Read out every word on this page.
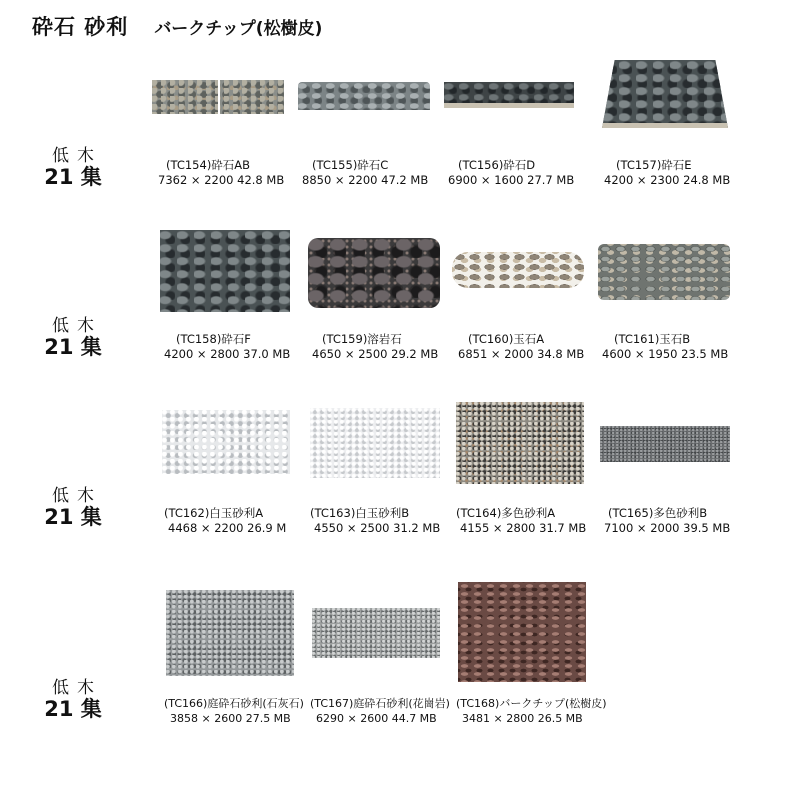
砕石 砂利 バークチップ(松樹皮)
低木
21 集
低木
21 集
低木
21 集
低木
21 集
(TC154)砕石AB
7362 × 2200 42.8 MB
(TC155)砕石C
8850 × 2200 47.2 MB
(TC156)砕石D
6900 × 1600 27.7 MB
(TC157)砕石E
4200 × 2300 24.8 MB
(TC158)砕石F
4200 × 2800 37.0 MB
(TC159)溶岩石
4650 × 2500 29.2 MB
(TC160)玉石A
6851 × 2000 34.8 MB
(TC161)玉石B
4600 × 1950 23.5 MB
(TC162)白玉砂利A
4468 × 2200 26.9 M
(TC163)白玉砂利B
4550 × 2500 31.2 MB
(TC164)多色砂利A
4155 × 2800 31.7 MB
(TC165)多色砂利B
7100 × 2000 39.5 MB
(TC166)庭砕石砂利(石灰石)
3858 × 2600 27.5 MB
(TC167)庭砕石砂利(花崗岩)
6290 × 2600 44.7 MB
(TC168)バークチップ(松樹皮)
3481 × 2800 26.5 MB
